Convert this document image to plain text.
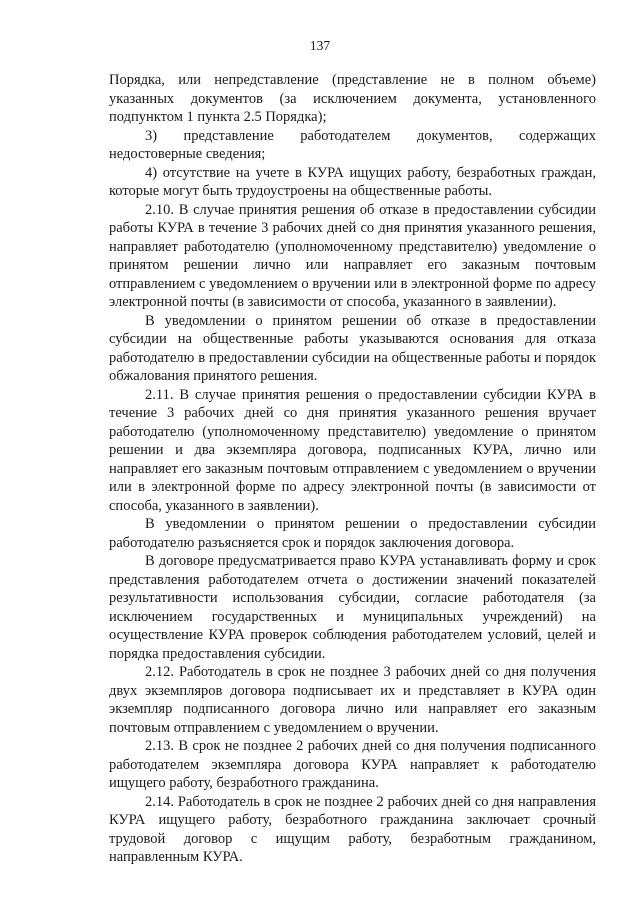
137

Порядка, или непредставление (представление не в полном объеме) указанных документов (за исключением документа, установленного подпунктом 1 пункта 2.5 Порядка);

3) представление работодателем документов, содержащих недостоверные сведения;

4) отсутствие на учете в КУРА ищущих работу, безработных граждан, которые могут быть трудоустроены на общественные работы.

2.10. В случае принятия решения об отказе в предоставлении субсидии работы КУРА в течение 3 рабочих дней со дня принятия указанного решения, направляет работодателю (уполномоченному представителю) уведомление о принятом решении лично или направляет его заказным почтовым отправлением с уведомлением о вручении или в электронной форме по адресу электронной почты (в зависимости от способа, указанного в заявлении).

В уведомлении о принятом решении об отказе в предоставлении субсидии на общественные работы указываются основания для отказа работодателю в предоставлении субсидии на общественные работы и порядок обжалования принятого решения.

2.11. В случае принятия решения о предоставлении субсидии КУРА в течение 3 рабочих дней со дня принятия указанного решения вручает работодателю (уполномоченному представителю) уведомление о принятом решении и два экземпляра договора, подписанных КУРА, лично или направляет его заказным почтовым отправлением с уведомлением о вручении или в электронной форме по адресу электронной почты (в зависимости от способа, указанного в заявлении).

В уведомлении о принятом решении о предоставлении субсидии работодателю разъясняется срок и порядок заключения договора.

В договоре предусматривается право КУРА устанавливать форму и срок представления работодателем отчета о достижении значений показателей результативности использования субсидии, согласие работодателя (за исключением государственных и муниципальных учреждений) на осуществление КУРА проверок соблюдения работодателем условий, целей и порядка предоставления субсидии.

2.12. Работодатель в срок не позднее 3 рабочих дней со дня получения двух экземпляров договора подписывает их и представляет в КУРА один экземпляр подписанного договора лично или направляет его заказным почтовым отправлением с уведомлением о вручении.

2.13. В срок не позднее 2 рабочих дней со дня получения подписанного работодателем экземпляра договора КУРА направляет к работодателю ищущего работу, безработного гражданина.

2.14. Работодатель в срок не позднее 2 рабочих дней со дня направления КУРА ищущего работу, безработного гражданина заключает срочный трудовой договор с ищущим работу, безработным гражданином, направленным КУРА.
